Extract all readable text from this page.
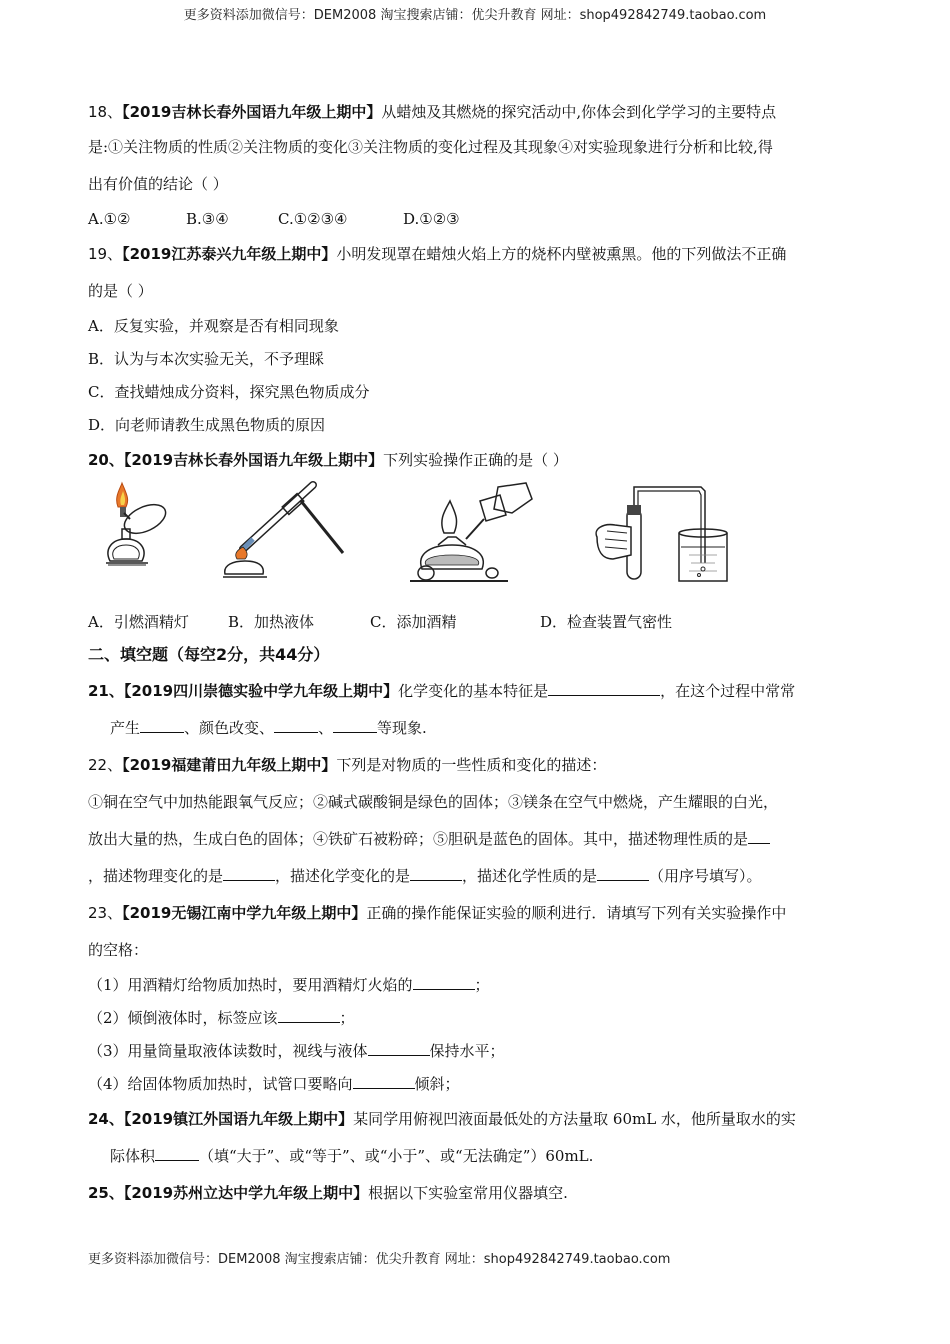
更多资料添加微信号：DEM2008 淘宝搜索店铺：优尖升教育 网址：shop492842749.taobao.com
18、【2019吉林长春外国语九年级上期中】从蜡烛及其燃烧的探究活动中,你体会到化学学习的主要特点
是:①关注物质的性质②关注物质的变化③关注物质的变化过程及其现象④对实验现象进行分析和比较,得
出有价值的结论（ ）
A.①②	B.③④	C.①②③④	D.①②③
19、【2019江苏泰兴九年级上期中】小明发现罩在蜡烛火焰上方的烧杯内壁被熏黑。他的下列做法不正确
的是（ ）
A．反复实验，并观察是否有相同现象
B．认为与本次实验无关，不予理睬
C．查找蜡烛成分资料，探究黑色物质成分
D．向老师请教生成黑色物质的原因
20、【2019吉林长春外国语九年级上期中】下列实验操作正确的是（ ）
A．引燃酒精灯	B．加热液体	C．添加酒精	D．检查装置气密性
二、填空题（每空2分，共44分）
21、【2019四川崇德实验中学九年级上期中】化学变化的基本特征是	，在这个过程中常常
产生	、颜色改变、	、	等现象.
22、【2019福建莆田九年级上期中】下列是对物质的一些性质和变化的描述：
①铜在空气中加热能跟氧气反应；②碱式碳酸铜是绿色的固体；③镁条在空气中燃烧，产生耀眼的白光，
放出大量的热，生成白色的固体；④铁矿石被粉碎；⑤胆矾是蓝色的固体。其中，描述物理性质的是
，描述物理变化的是	，描述化学变化的是	，描述化学性质的是	（用序号填写）。
23、【2019无锡江南中学九年级上期中】正确的操作能保证实验的顺利进行．请填写下列有关实验操作中
的空格：
（1）用酒精灯给物质加热时，要用酒精灯火焰的	；
（2）倾倒液体时，标签应该	；
（3）用量筒量取液体读数时，视线与液体	保持水平；
（4）给固体物质加热时，试管口要略向	倾斜；
24、【2019镇江外国语九年级上期中】某同学用俯视凹液面最低处的方法量取 60mL 水，他所量取水的实
际体积	（填“大于”、或“等于”、或“小于”、或“无法确定”）60mL.
25、【2019苏州立达中学九年级上期中】根据以下实验室常用仪器填空.
更多资料添加微信号：DEM2008 淘宝搜索店铺：优尖升教育 网址：shop492842749.taobao.com
